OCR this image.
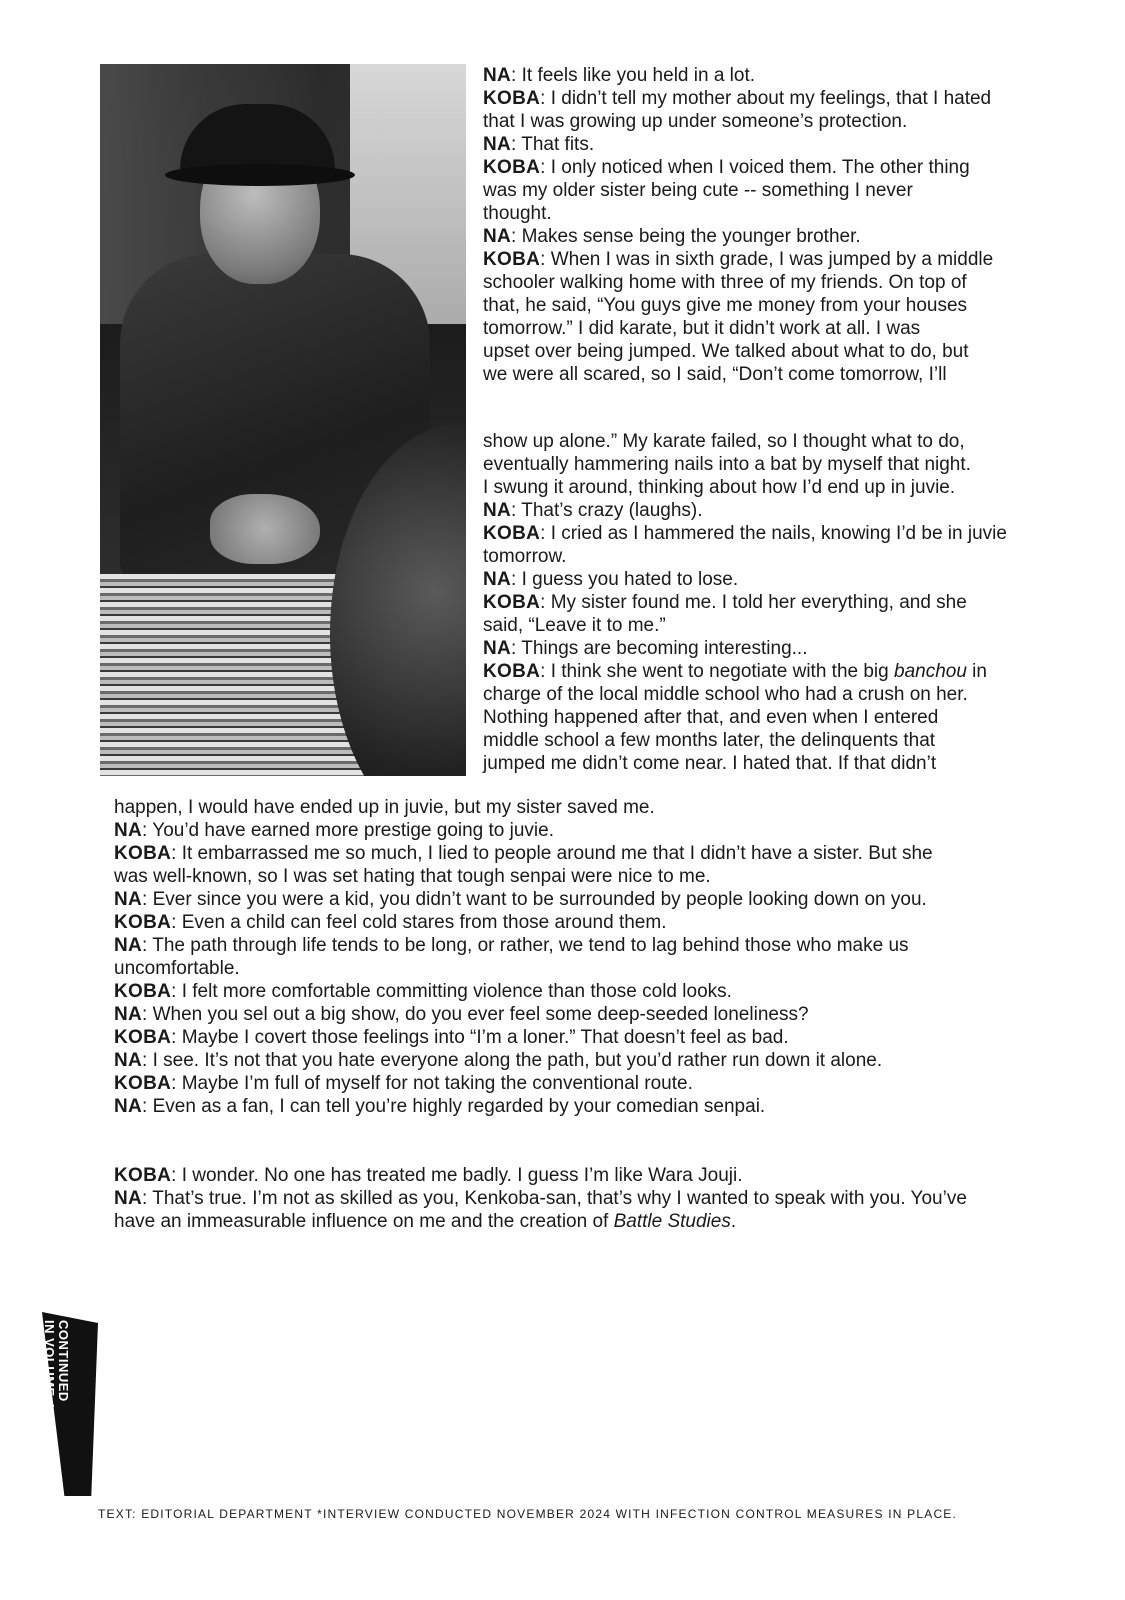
NA: It feels like you held in a lot.
KOBA: I didn’t tell my mother about my feelings, that I hated
that I was growing up under someone’s protection.
NA: That fits.
KOBA: I only noticed when I voiced them. The other thing
was my older sister being cute -- something I never
thought.
NA: Makes sense being the younger brother.
KOBA: When I was in sixth grade, I was jumped by a middle
schooler walking home with three of my friends. On top of
that, he said, “You guys give me money from your houses
tomorrow.” I did karate, but it didn’t work at all. I was
upset over being jumped. We talked about what to do, but
we were all scared, so I said, “Don’t come tomorrow, I’ll
show up alone.” My karate failed, so I thought what to do,
eventually hammering nails into a bat by myself that night.
I swung it around, thinking about how I’d end up in juvie.
NA: That’s crazy (laughs).
KOBA: I cried as I hammered the nails, knowing I’d be in juvie
tomorrow.
NA: I guess you hated to lose.
KOBA: My sister found me. I told her everything, and she
said, “Leave it to me.”
NA: Things are becoming interesting...
KOBA: I think she went to negotiate with the big banchou in
charge of the local middle school who had a crush on her.
Nothing happened after that, and even when I entered
middle school a few months later, the delinquents that
jumped me didn’t come near. I hated that. If that didn’t
happen, I would have ended up in juvie, but my sister saved me.
NA: You’d have earned more prestige going to juvie.
KOBA: It embarrassed me so much, I lied to people around me that I didn’t have a sister. But she
was well-known, so I was set hating that tough senpai were nice to me.
NA: Ever since you were a kid, you didn’t want to be surrounded by people looking down on you.
KOBA: Even a child can feel cold stares from those around them.
NA: The path through life tends to be long, or rather, we tend to lag behind those who make us
uncomfortable.
KOBA: I felt more comfortable committing violence than those cold looks.
NA: When you sel out a big show, do you ever feel some deep-seeded loneliness?
KOBA: Maybe I covert those feelings into “I’m a loner.” That doesn’t feel as bad.
NA: I see. It’s not that you hate everyone along the path, but you’d rather run down it alone.
KOBA: Maybe I’m full of myself for not taking the conventional route.
NA: Even as a fan, I can tell you’re highly regarded by your comedian senpai.
KOBA: I wonder. No one has treated me badly. I guess I’m like Wara Jouji.
NA: That’s true. I’m not as skilled as you, Kenkoba-san, that’s why I wanted to speak with you. You’ve
have an immeasurable influence on me and the creation of Battle Studies.
CONTINUED
IN VOLUME 44!!
TEXT: EDITORIAL DEPARTMENT *INTERVIEW CONDUCTED NOVEMBER 2024 WITH INFECTION CONTROL MEASURES IN PLACE.
